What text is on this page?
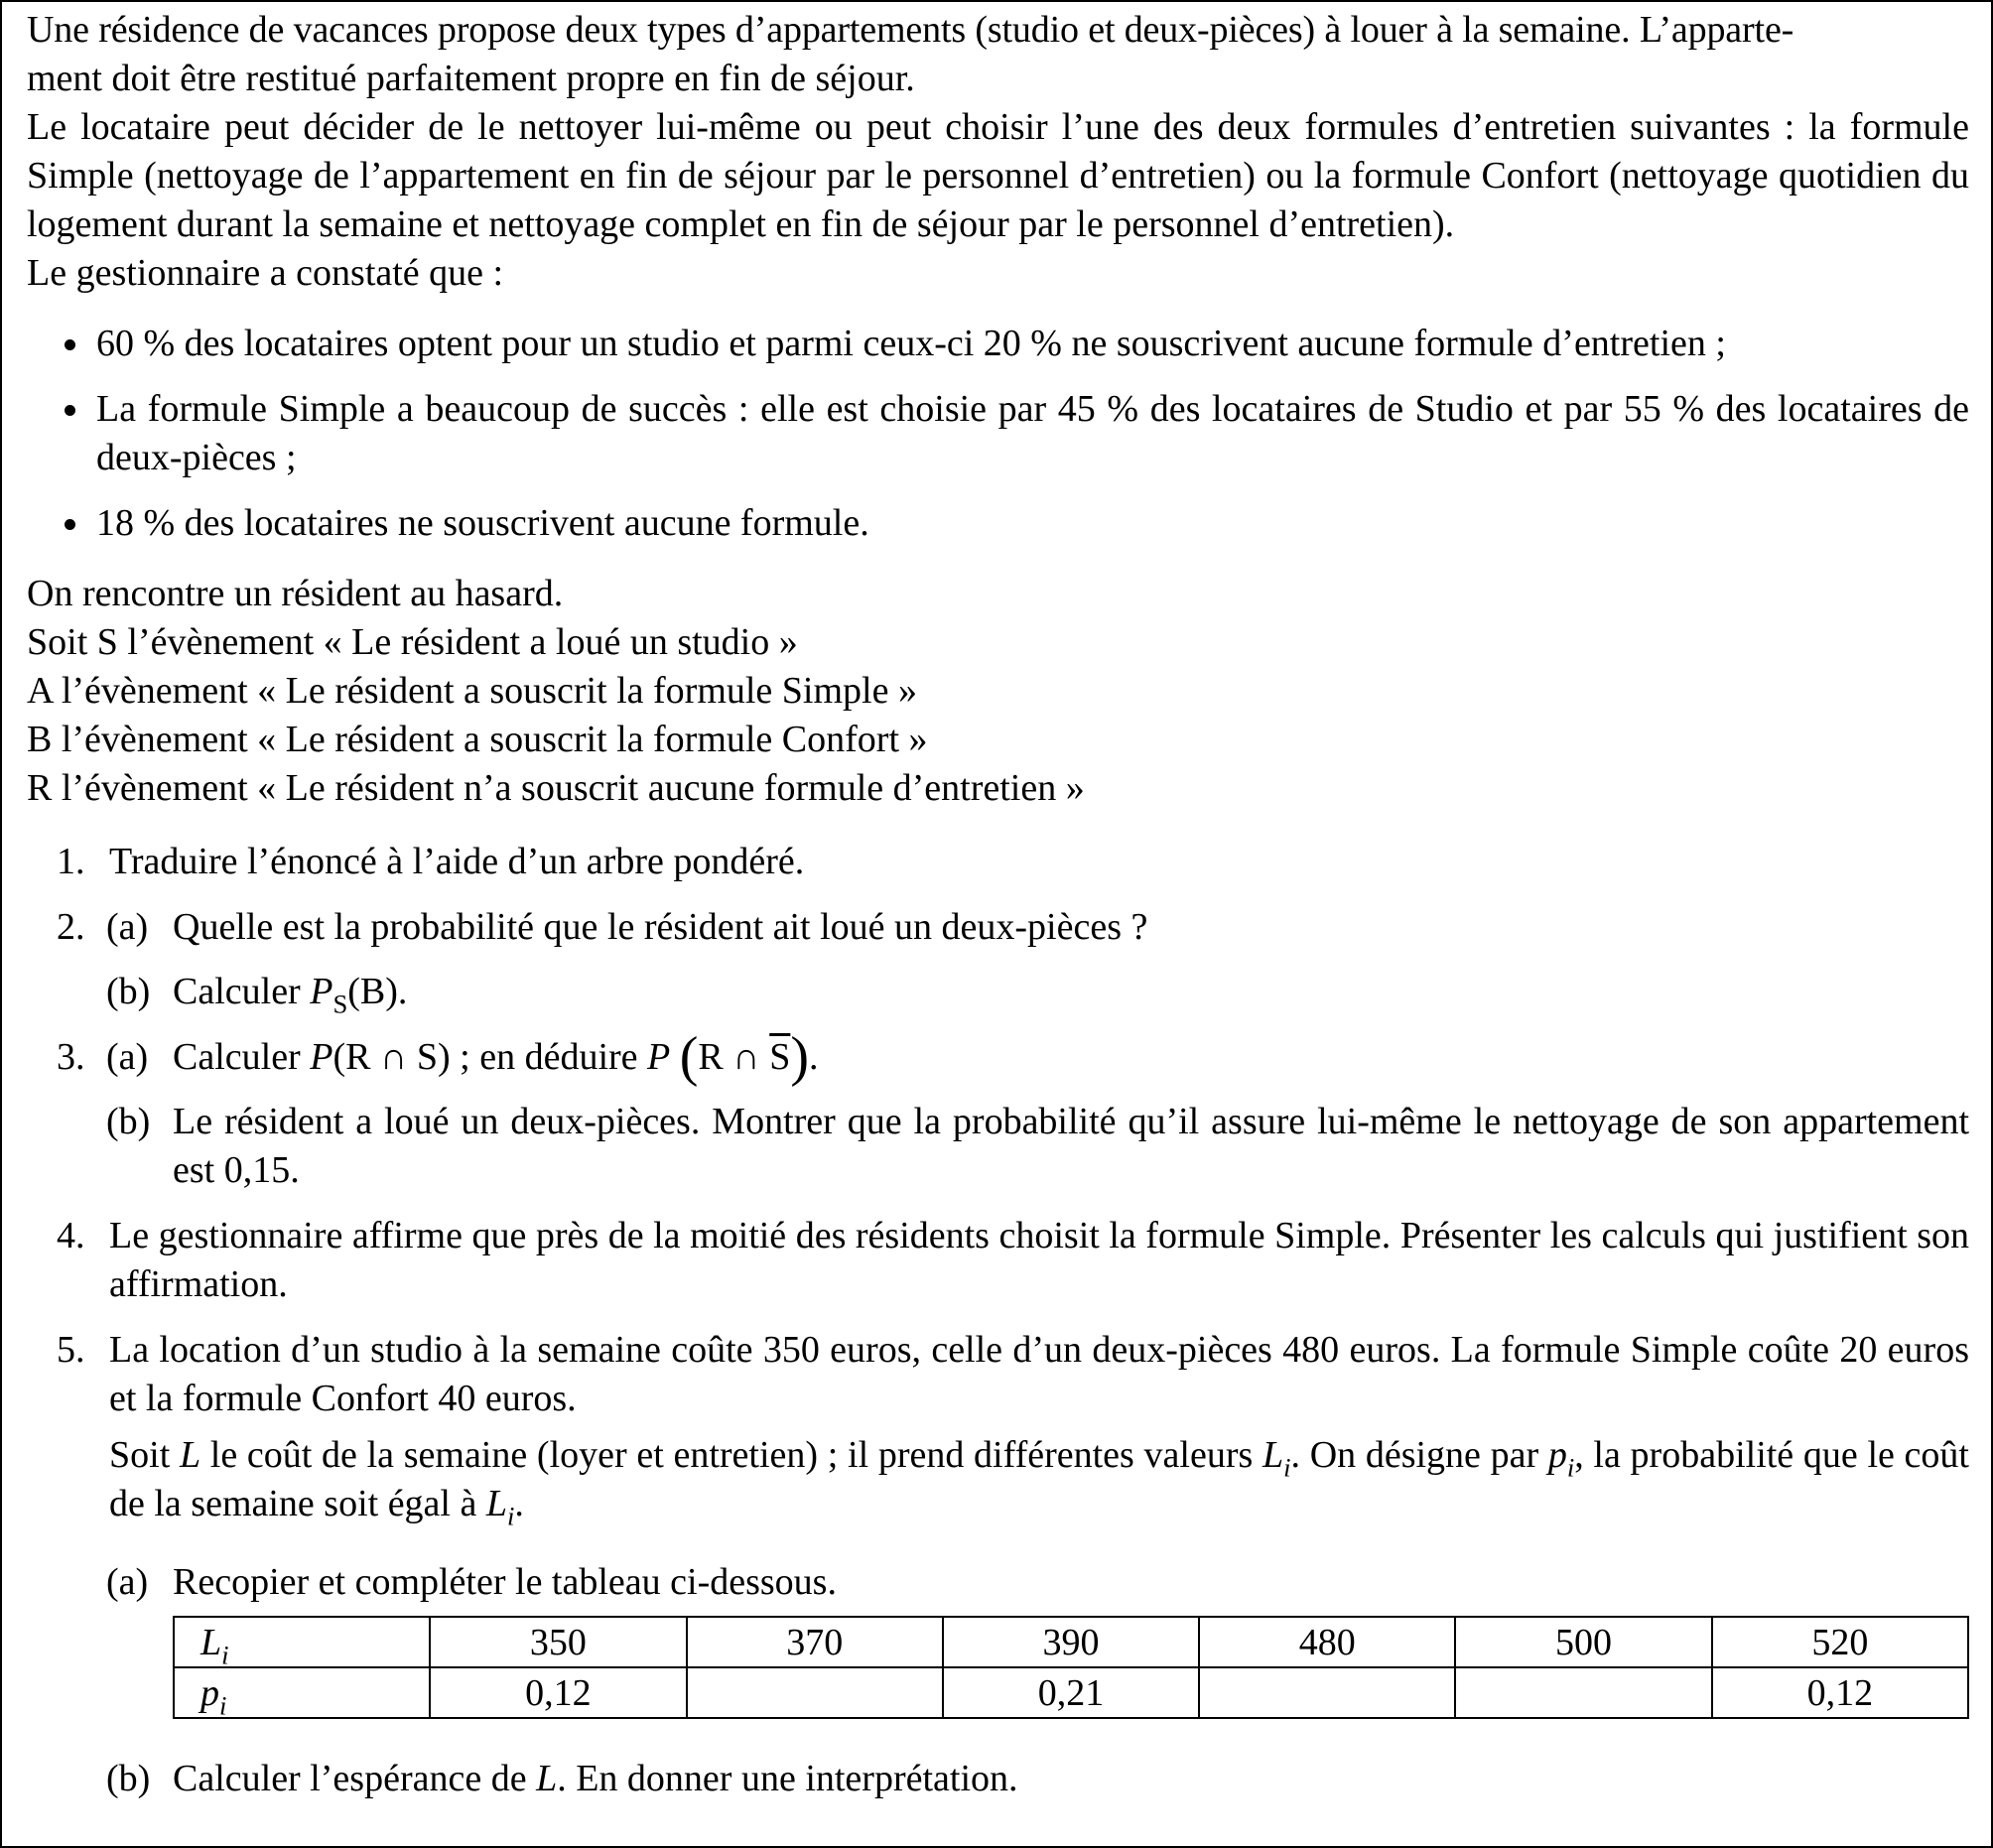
Une résidence de vacances propose deux types d’appartements (studio et deux-pièces) à louer à la semaine. L’apparte-
ment doit être restitué parfaitement propre en fin de séjour.
Le locataire peut décider de le nettoyer lui-même ou peut choisir l’une des deux formules d’entretien suivantes : la formule Simple (nettoyage de l’appartement en fin de séjour par le personnel d’entretien) ou la formule Confort (nettoyage quotidien du logement durant la semaine et nettoyage complet en fin de séjour par le personnel d’entretien).
Le gestionnaire a constaté que :
60 % des locataires optent pour un studio et parmi ceux-ci 20 % ne souscrivent aucune formule d’entretien ;
La formule Simple a beaucoup de succès : elle est choisie par 45 % des locataires de Studio et par 55 % des locataires de deux-pièces ;
18 % des locataires ne souscrivent aucune formule.
On rencontre un résident au hasard.
Soit S l’évènement « Le résident a loué un studio »
A l’évènement « Le résident a souscrit la formule Simple »
B l’évènement « Le résident a souscrit la formule Confort »
R l’évènement « Le résident n’a souscrit aucune formule d’entretien »
1. Traduire l’énoncé à l’aide d’un arbre pondéré.
2. (a) Quelle est la probabilité que le résident ait loué un deux-pièces ?
(b) Calculer $P_S(B)$.
3. (a) Calculer P(R ∩ S) ; en déduire P (R ∩ $\overline{S}$).
(b) Le résident a loué un deux-pièces. Montrer que la probabilité qu’il assure lui-même le nettoyage de son appartement est 0,15.
4. Le gestionnaire affirme que près de la moitié des résidents choisit la formule Simple. Présenter les calculs qui justifient son affirmation.
5. La location d’un studio à la semaine coûte 350 euros, celle d’un deux-pièces 480 euros. La formule Simple coûte 20 euros et la formule Confort 40 euros.
Soit L le coût de la semaine (loyer et entretien) ; il prend différentes valeurs $L_i$. On désigne par $p_i$, la probabilité que le coût de la semaine soit égal à $L_i$.
(a) Recopier et compléter le tableau ci-dessous.
$L_i$	350	370	390	480	500	520
$p_i$	0,12		0,21			0,12
(b) Calculer l’espérance de L. En donner une interprétation.
